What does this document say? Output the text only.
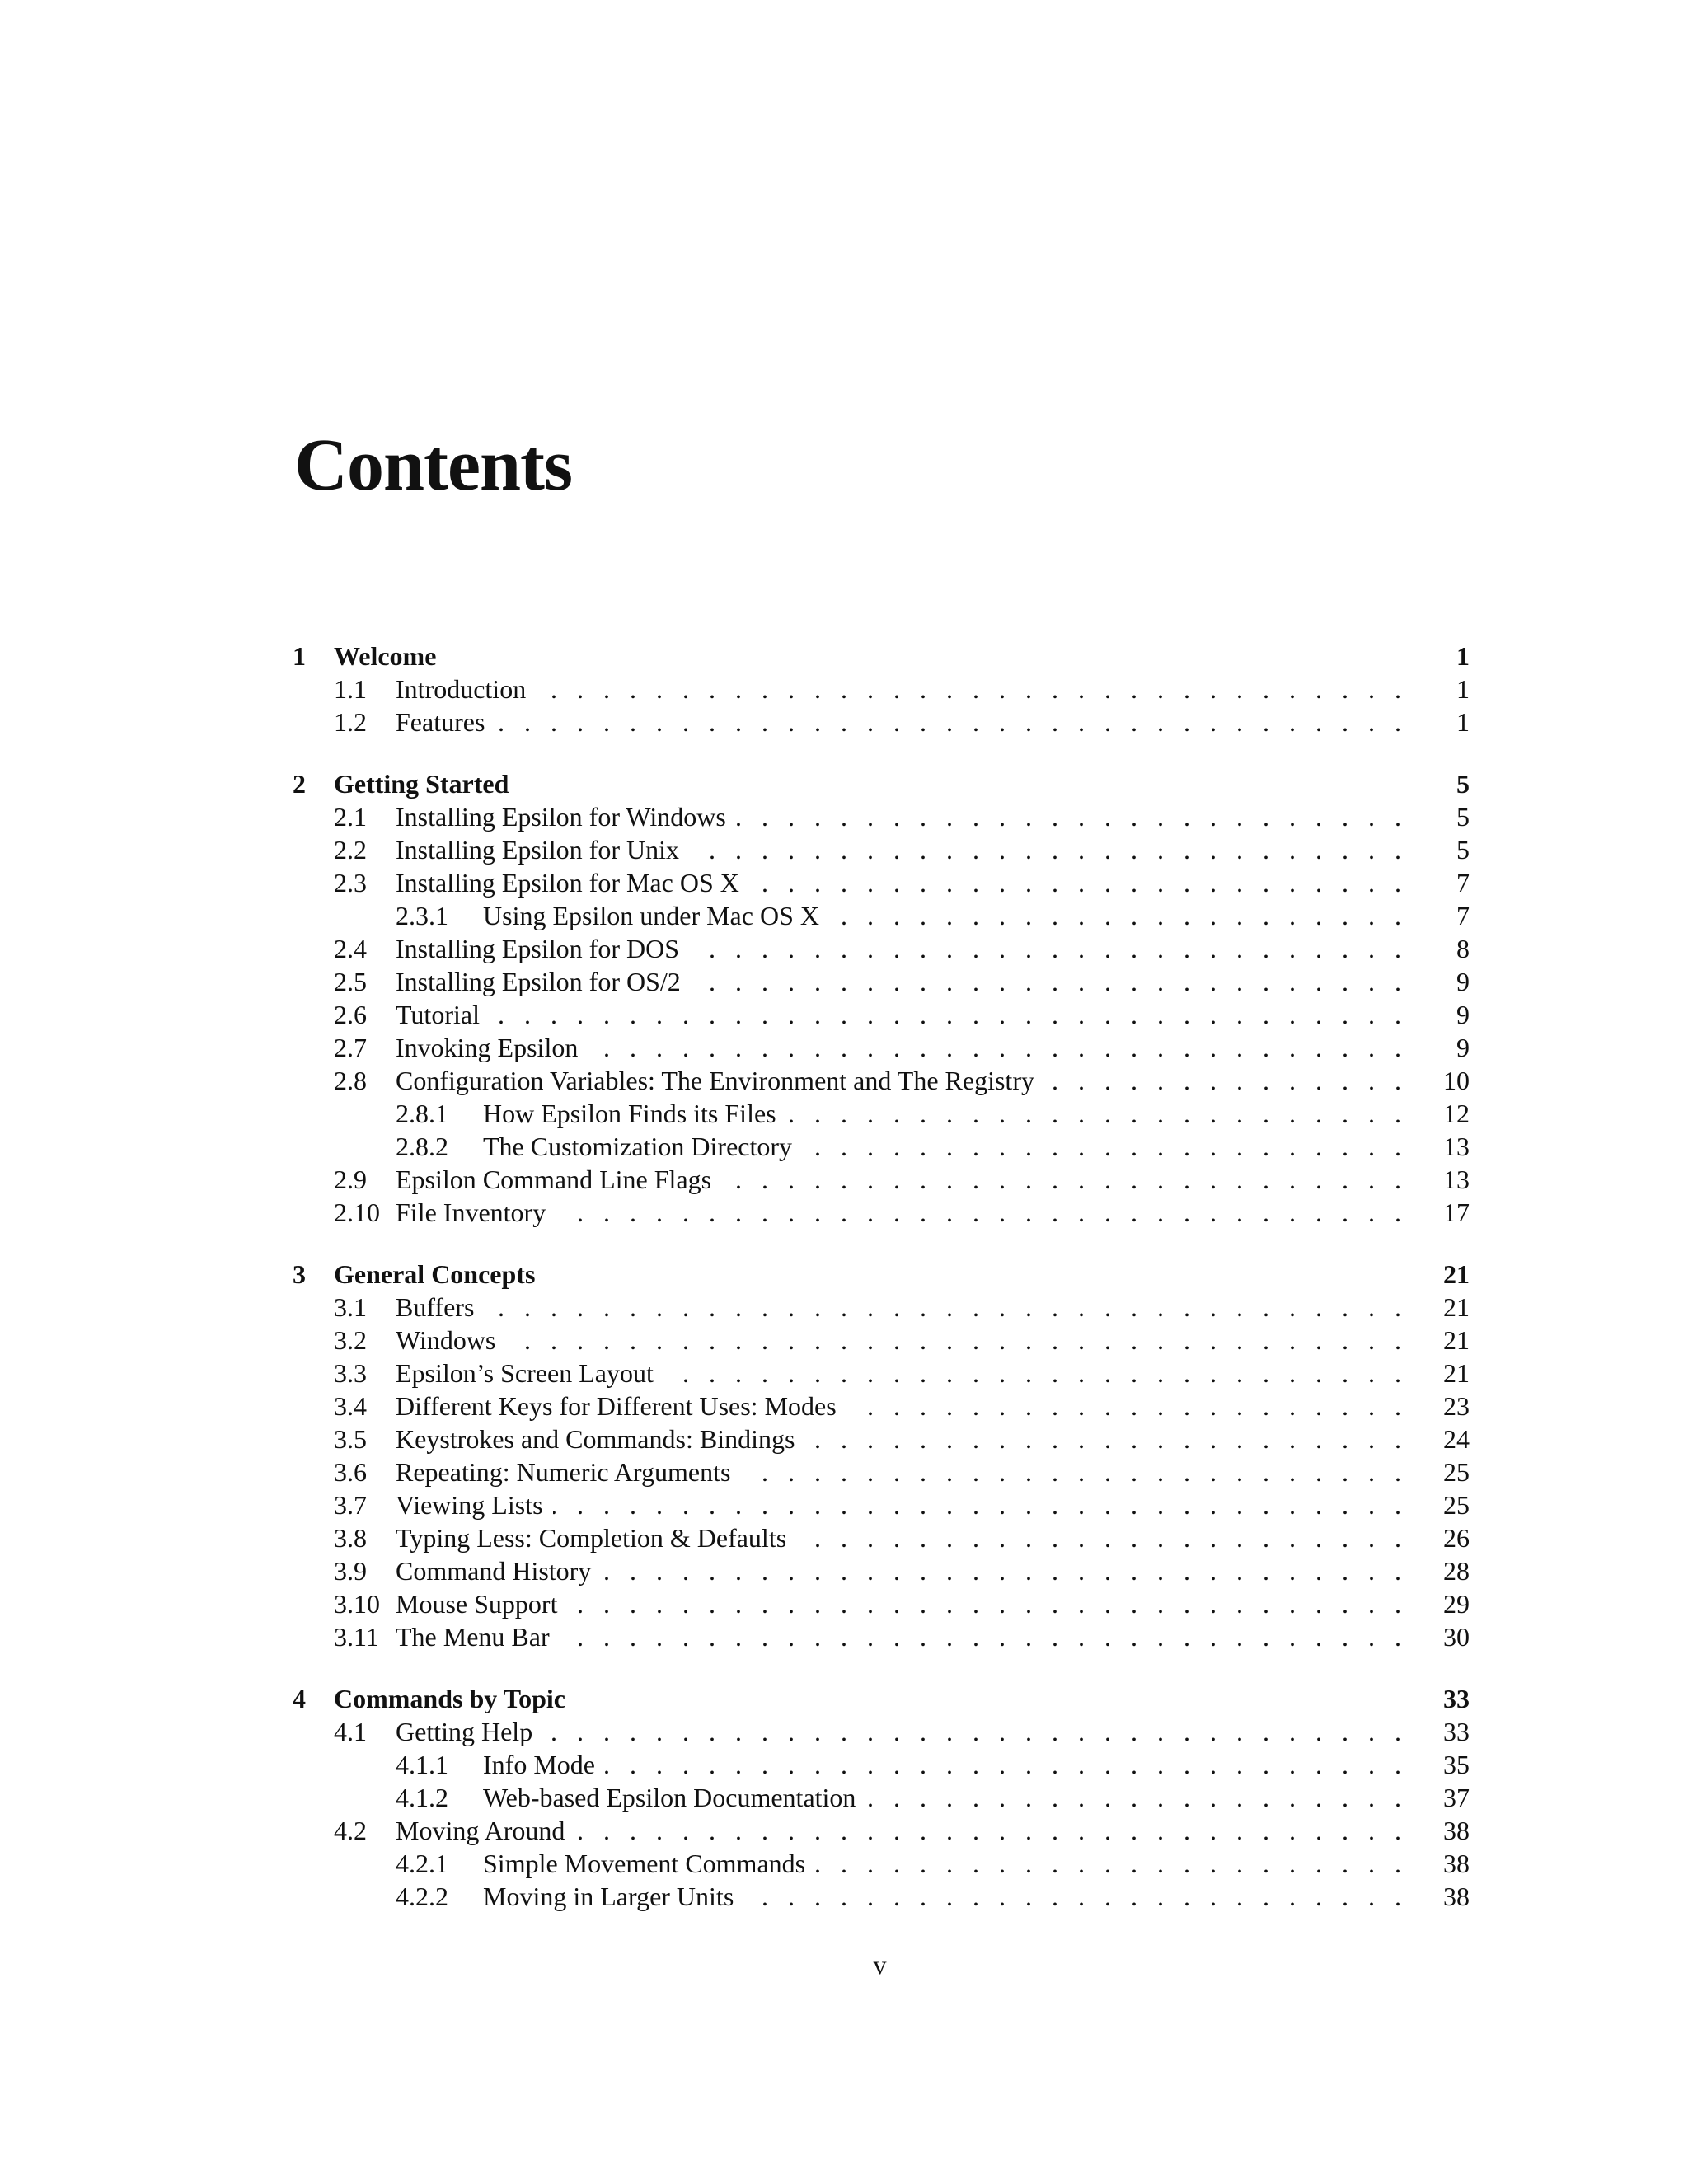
Contents
1 Welcome	1
1.1 Introduction . . .	1
1.2 Features . . .	1
2 Getting Started	5
2.1 Installing Epsilon for Windows . . .	5
2.2 Installing Epsilon for Unix . . .	5
2.3 Installing Epsilon for Mac OS X . . .	7
2.3.1 Using Epsilon under Mac OS X . . .	7
2.4 Installing Epsilon for DOS . . .	8
2.5 Installing Epsilon for OS/2 . . .	9
2.6 Tutorial . . .	9
2.7 Invoking Epsilon . . .	9
2.8 Configuration Variables: The Environment and The Registry . . .	10
2.8.1 How Epsilon Finds its Files . . .	12
2.8.2 The Customization Directory . . .	13
2.9 Epsilon Command Line Flags . . .	13
2.10 File Inventory . . .	17
3 General Concepts	21
3.1 Buffers . . .	21
3.2 Windows . . .	21
3.3 Epsilon’s Screen Layout . . .	21
3.4 Different Keys for Different Uses: Modes . . .	23
3.5 Keystrokes and Commands: Bindings . . .	24
3.6 Repeating: Numeric Arguments . . .	25
3.7 Viewing Lists . . .	25
3.8 Typing Less: Completion & Defaults . . .	26
3.9 Command History . . .	28
3.10 Mouse Support . . .	29
3.11 The Menu Bar . . .	30
4 Commands by Topic	33
4.1 Getting Help . . .	33
4.1.1 Info Mode . . .	35
4.1.2 Web-based Epsilon Documentation . . .	37
4.2 Moving Around . . .	38
4.2.1 Simple Movement Commands . . .	38
4.2.2 Moving in Larger Units . . .	38
v
